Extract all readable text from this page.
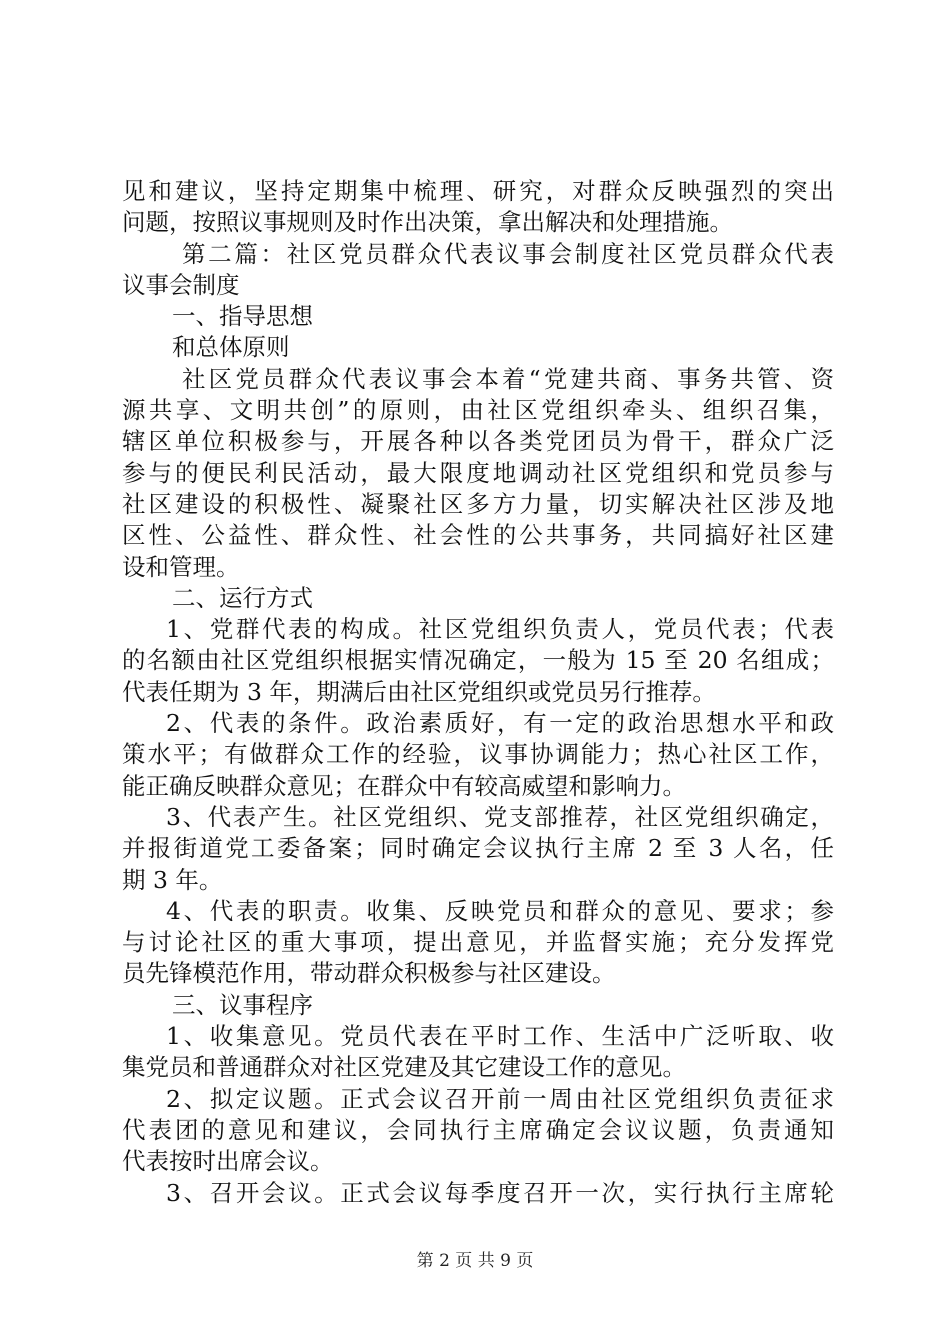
见和建议，坚持定期集中梳理、研究，对群众反映强烈的突出
问题，按照议事规则及时作出决策，拿出解决和处理措施。
第二篇：社区党员群众代表议事会制度社区党员群众代表
议事会制度
一、指导思想
和总体原则
社区党员群众代表议事会本着“党建共商、事务共管、资
源共享、文明共创”的原则，由社区党组织牵头、组织召集，
辖区单位积极参与，开展各种以各类党团员为骨干，群众广泛
参与的便民利民活动，最大限度地调动社区党组织和党员参与
社区建设的积极性、凝聚社区多方力量，切实解决社区涉及地
区性、公益性、群众性、社会性的公共事务，共同搞好社区建
设和管理。
二、运行方式
1、党群代表的构成。社区党组织负责人，党员代表；代表
的名额由社区党组织根据实情况确定，一般为 15 至 20 名组成；
代表任期为 3 年，期满后由社区党组织或党员另行推荐。
2、代表的条件。政治素质好，有一定的政治思想水平和政
策水平；有做群众工作的经验，议事协调能力；热心社区工作，
能正确反映群众意见；在群众中有较高威望和影响力。
3、代表产生。社区党组织、党支部推荐，社区党组织确定，
并报街道党工委备案；同时确定会议执行主席 2 至 3 人名，任
期 3 年。
4、代表的职责。收集、反映党员和群众的意见、要求；参
与讨论社区的重大事项，提出意见，并监督实施；充分发挥党
员先锋模范作用，带动群众积极参与社区建设。
三、议事程序
1、收集意见。党员代表在平时工作、生活中广泛听取、收
集党员和普通群众对社区党建及其它建设工作的意见。
2、拟定议题。正式会议召开前一周由社区党组织负责征求
代表团的意见和建议，会同执行主席确定会议议题，负责通知
代表按时出席会议。
3、召开会议。正式会议每季度召开一次，实行执行主席轮
第 2 页 共 9 页
